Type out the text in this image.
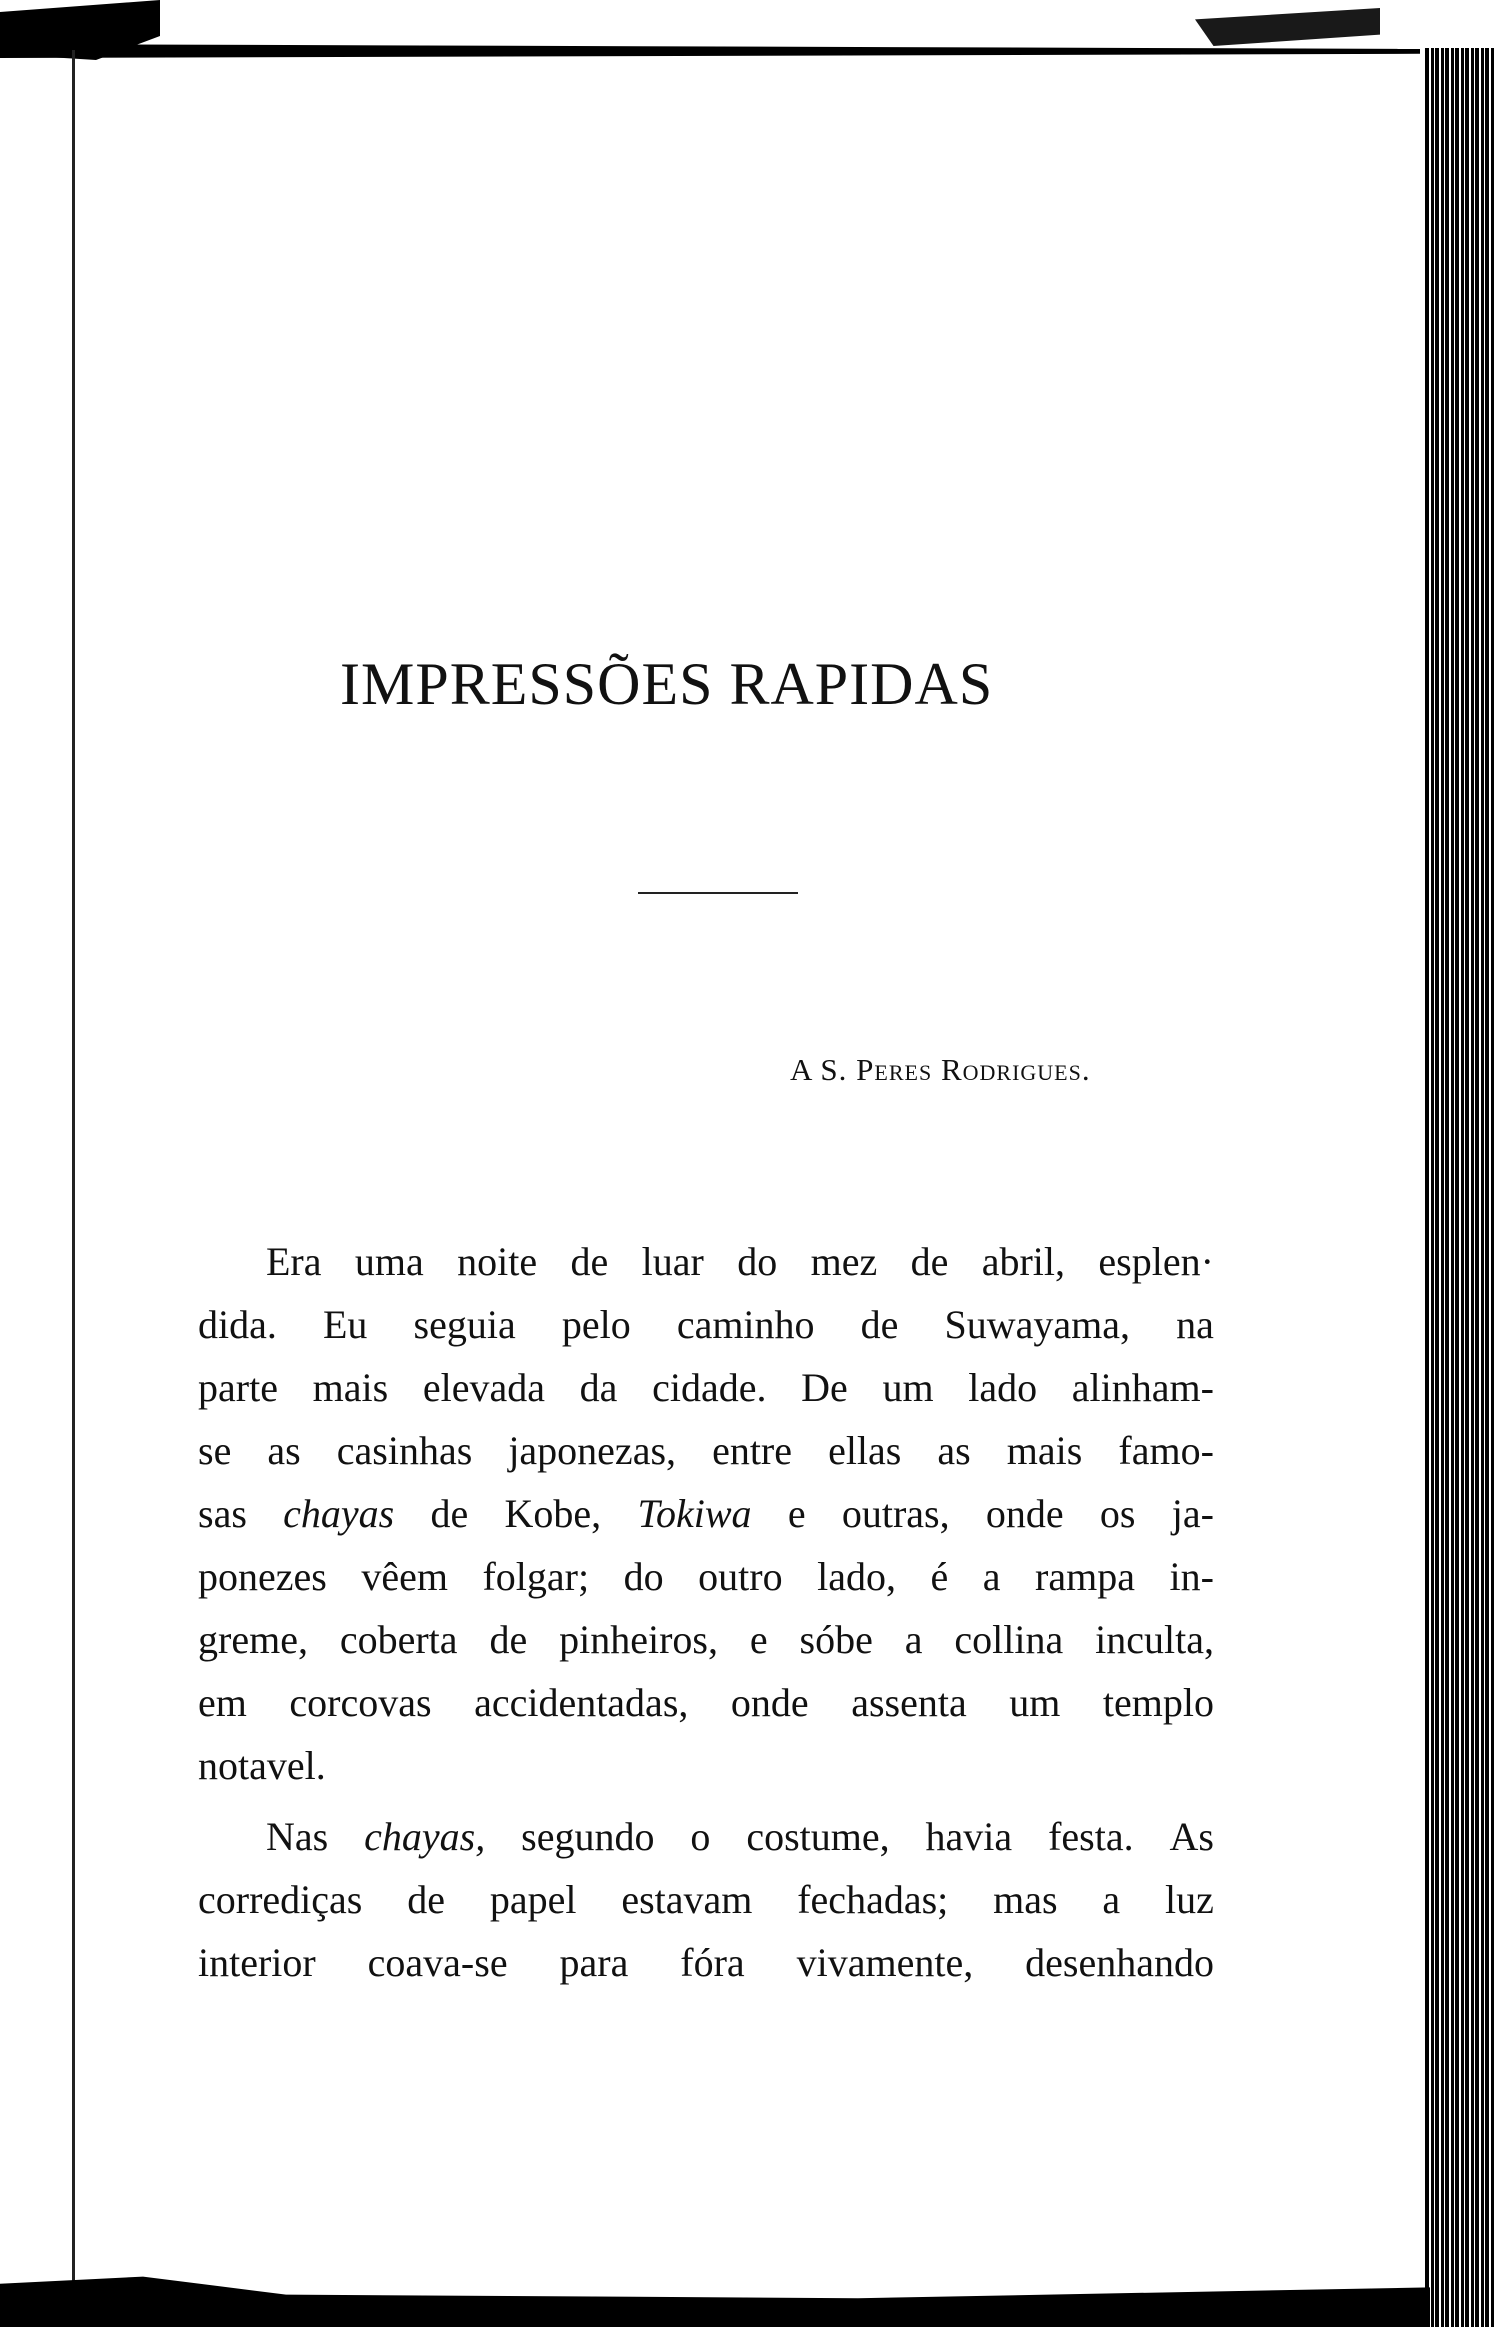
IMPRESSÕES RAPIDAS
A S. Peres Rodrigues.
Era uma noite de luar do mez de abril, esplen·
dida. Eu seguia pelo caminho de Suwayama, na
parte mais elevada da cidade. De um lado alinham-
se as casinhas japonezas, entre ellas as mais famo-
sas chayas de Kobe, Tokiwa e outras, onde os ja-
ponezes vêem folgar; do outro lado, é a rampa in-
greme, coberta de pinheiros, e sóbe a collina inculta,
em corcovas accidentadas, onde assenta um templo
notavel.
Nas chayas, segundo o costume, havia festa. As
corrediças de papel estavam fechadas; mas a luz
interior coava-se para fóra vivamente, desenhando
